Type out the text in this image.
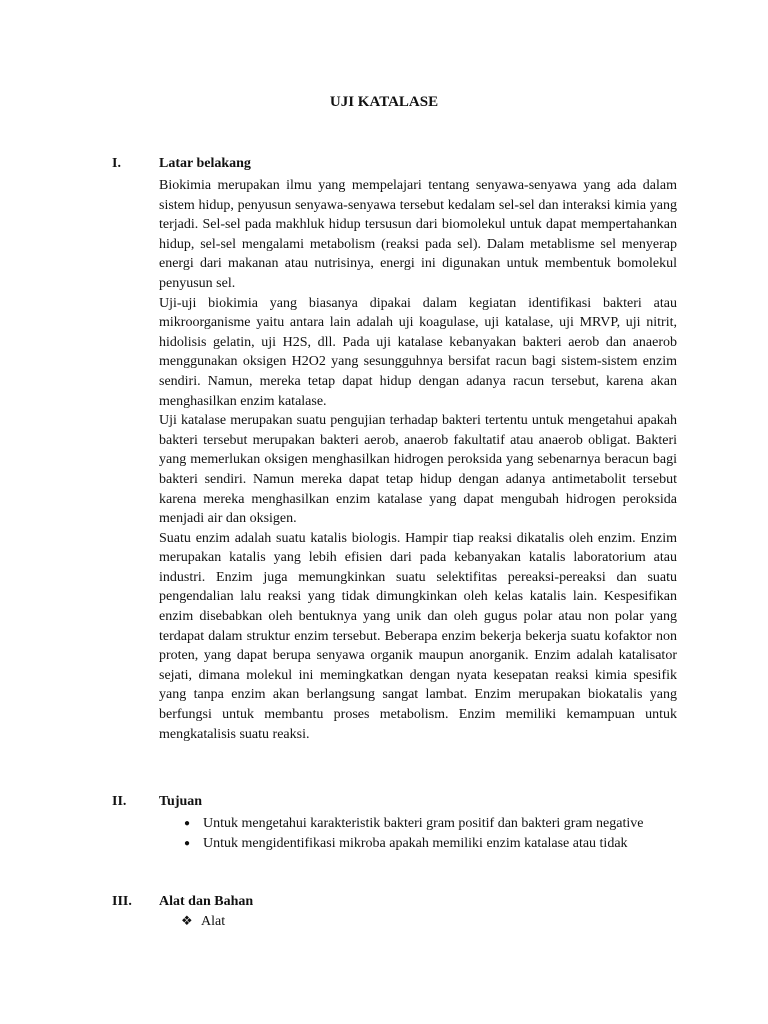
UJI KATALASE
I.	Latar belakang

Biokimia merupakan ilmu yang mempelajari tentang senyawa-senyawa yang ada dalam sistem hidup, penyusun senyawa-senyawa tersebut kedalam sel-sel dan interaksi kimia yang terjadi. Sel-sel pada makhluk hidup tersusun dari biomolekul untuk dapat mempertahankan hidup, sel-sel mengalami metabolism (reaksi pada sel). Dalam metablisme sel menyerap energi dari makanan atau nutrisinya, energi ini digunakan untuk membentuk bomolekul penyusun sel.

Uji-uji biokimia yang biasanya dipakai dalam kegiatan identifikasi bakteri atau mikroorganisme yaitu antara lain adalah uji koagulase, uji katalase, uji MRVP, uji nitrit, hidolisis gelatin, uji H2S, dll. Pada uji katalase kebanyakan bakteri aerob dan anaerob menggunakan oksigen H2O2 yang sesungguhnya bersifat racun bagi sistem-sistem enzim sendiri. Namun, mereka tetap dapat hidup dengan adanya racun tersebut, karena akan menghasilkan enzim katalase.

Uji katalase merupakan suatu pengujian terhadap bakteri tertentu untuk mengetahui apakah bakteri tersebut merupakan bakteri aerob, anaerob fakultatif atau anaerob obligat. Bakteri yang memerlukan oksigen menghasilkan hidrogen peroksida yang sebenarnya beracun bagi bakteri sendiri. Namun mereka dapat tetap hidup dengan adanya antimetabolit tersebut karena mereka menghasilkan enzim katalase yang dapat mengubah hidrogen peroksida menjadi air dan oksigen.

Suatu enzim adalah suatu katalis biologis. Hampir tiap reaksi dikatalis oleh enzim. Enzim merupakan katalis yang lebih efisien dari pada kebanyakan katalis laboratorium atau industri. Enzim juga memungkinkan suatu selektifitas pereaksi-pereaksi dan suatu pengendalian lalu reaksi yang tidak dimungkinkan oleh kelas katalis lain. Kespesifikan enzim disebabkan oleh bentuknya yang unik dan oleh gugus polar atau non polar yang terdapat dalam struktur enzim tersebut. Beberapa enzim bekerja bekerja suatu kofaktor non proten, yang dapat berupa senyawa organik maupun anorganik. Enzim adalah katalisator sejati, dimana molekul ini memingkatkan dengan nyata kesepatan reaksi kimia spesifik yang tanpa enzim akan berlangsung sangat lambat. Enzim merupakan biokatalis yang berfungsi untuk membantu proses metabolism. Enzim memiliki kemampuan untuk mengkatalisis suatu reaksi.

II. Tujuan
● Untuk mengetahui karakteristik bakteri gram positif dan bakteri gram negative
● Untuk mengidentifikasi mikroba apakah memiliki enzim katalase atau tidak
III. Alat dan Bahan
❖ Alat
